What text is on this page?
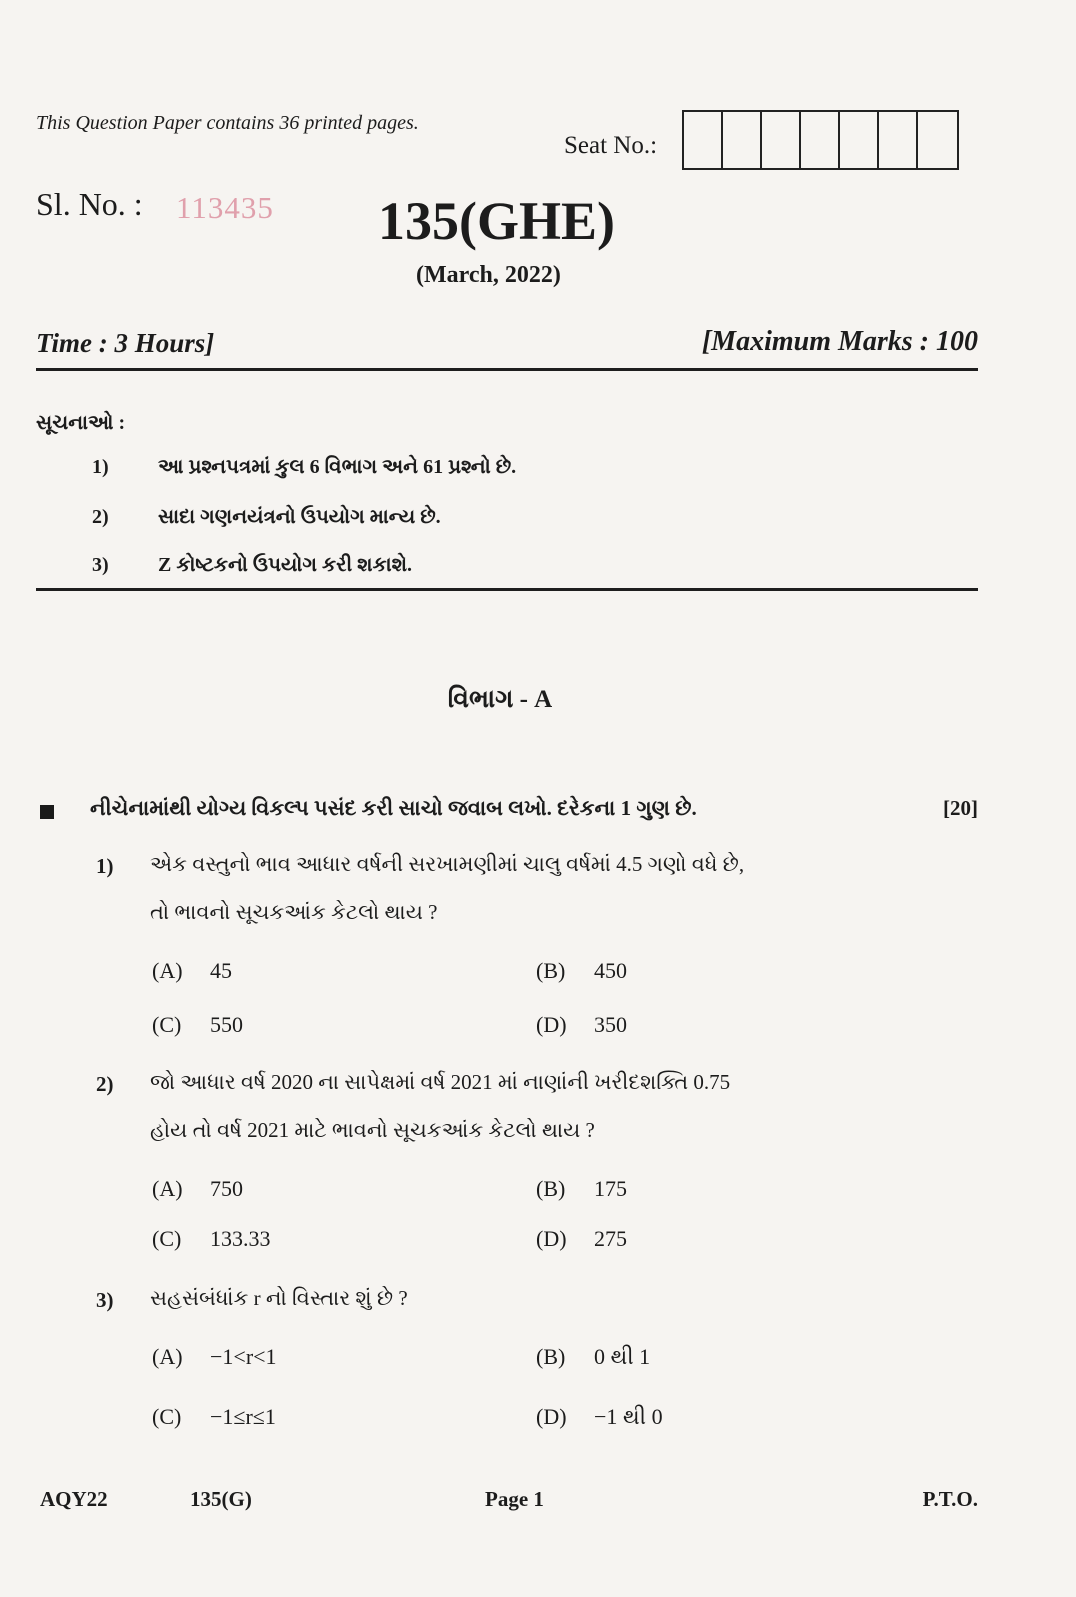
This Question Paper contains 36 printed pages.
Seat No.:
Sl. No. : 113435 135(GHE)
(March, 2022)
Time : 3 Hours]	[Maximum Marks : 100
સૂચનાઓ :
1)	આ પ્રશ્નપત્રમાં કુલ 6 વિભાગ અને 61 પ્રશ્નો છે.
2)	સાદા ગણનયંત્રનો ઉપયોગ માન્ય છે.
3)	Z કોષ્ટકનો ઉપયોગ કરી શકાશે.
વિભાગ - A
નીચેનામાંથી યોગ્ય વિકલ્પ પસંદ કરી સાચો જવાબ લખો. દરેકના 1 ગુણ છે.	[20]
1) એક વસ્તુનો ભાવ આધાર વર્ષની સરખામણીમાં ચાલુ વર્ષમાં 4.5 ગણો વધે છે,
તો ભાવનો સૂચકઆંક કેટલો થાય ?
(A)	45	(B)	450
(C)	550	(D)	350
2) જો આધાર વર્ષ 2020 ના સાપેક્ષમાં વર્ષ 2021 માં નાણાંની ખરીદશક્તિ 0.75
હોય તો વર્ષ 2021 માટે ભાવનો સૂચકઆંક કેટલો થાય ?
(A)	750	(B)	175
(C)	133.33	(D)	275
3) સહસંબંધાંક r નો વિસ્તાર શું છે ?
(A)	−1<r<1	(B)	0 થી 1
(C)	−1≤r≤1	(D)	−1 થી 0
AQY22	135(G)	Page 1	P.T.O.
